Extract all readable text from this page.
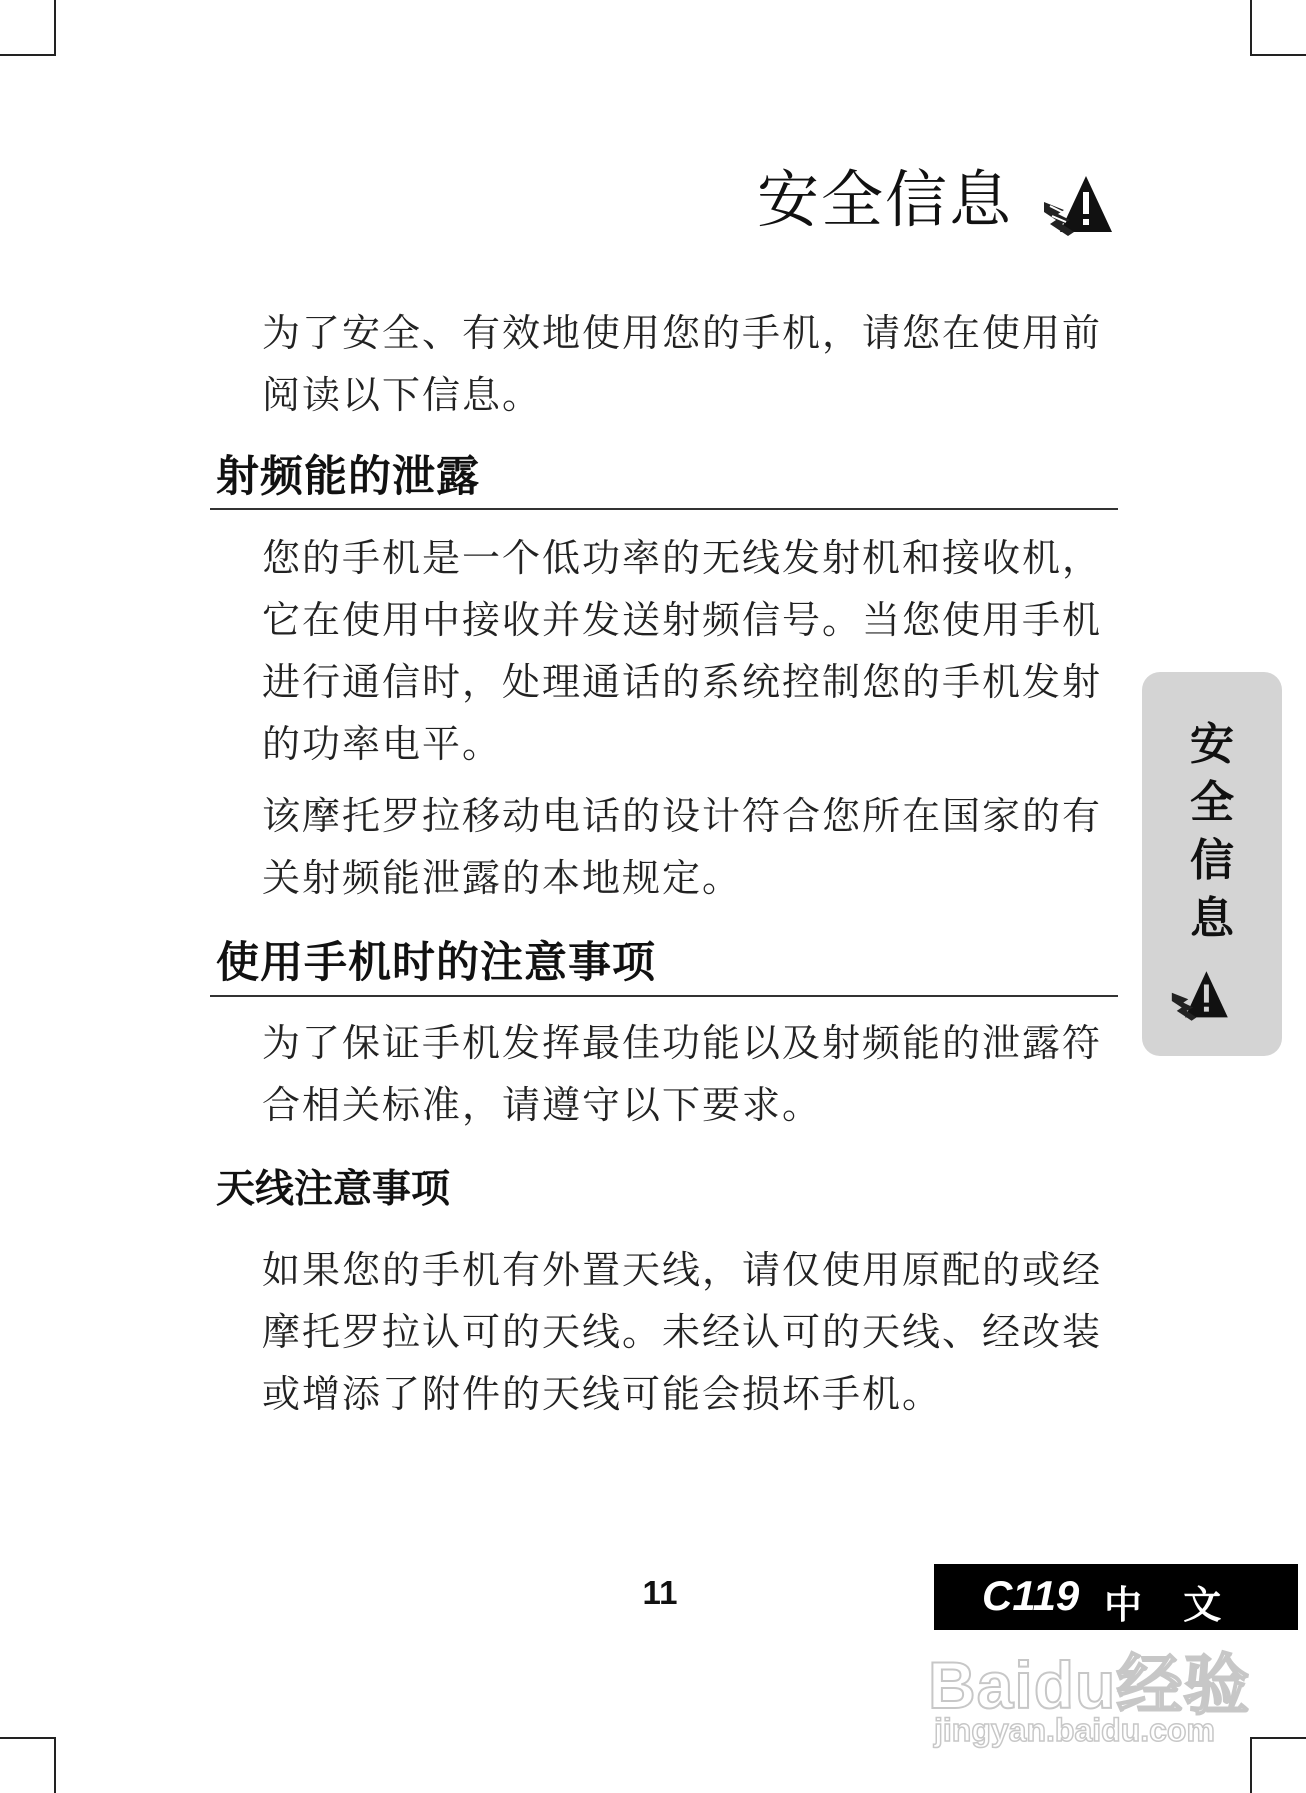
安全信息

为了安全、有效地使用您的手机，请您在使用前阅读以下信息。

射频能的泄露

您的手机是一个低功率的无线发射机和接收机，它在使用中接收并发送射频信号。当您使用手机进行通信时，处理通话的系统控制您的手机发射的功率电平。

该摩托罗拉移动电话的设计符合您所在国家的有关射频能泄露的本地规定。

使用手机时的注意事项

为了保证手机发挥最佳功能以及射频能的泄露符合相关标准，请遵守以下要求。

天线注意事项

如果您的手机有外置天线，请仅使用原配的或经摩托罗拉认可的天线。未经认可的天线、经改装或增添了附件的天线可能会损坏手机。

安
全
信
息
11	C119 中 文
Baidu经验
jingyan.baidu.com
